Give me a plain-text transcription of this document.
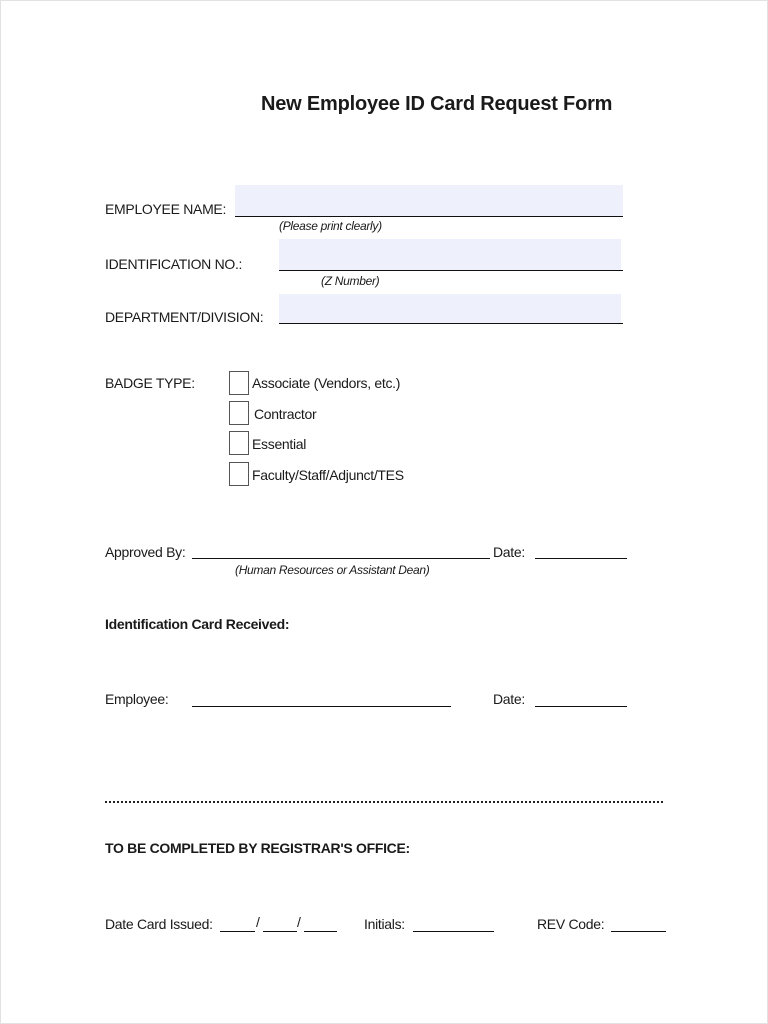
New Employee ID Card Request Form
EMPLOYEE NAME:
(Please print clearly)
IDENTIFICATION NO.:
(Z Number)
DEPARTMENT/DIVISION:
BADGE TYPE:	Associate (Vendors, etc.)
Contractor
Essential
Faculty/Staff/Adjunct/TES
Approved By:	Date:
(Human Resources or Assistant Dean)
Identification Card Received:
Employee:	Date:
TO BE COMPLETED BY REGISTRAR'S OFFICE:
Date Card Issued:	/	/	Initials:	REV Code:
